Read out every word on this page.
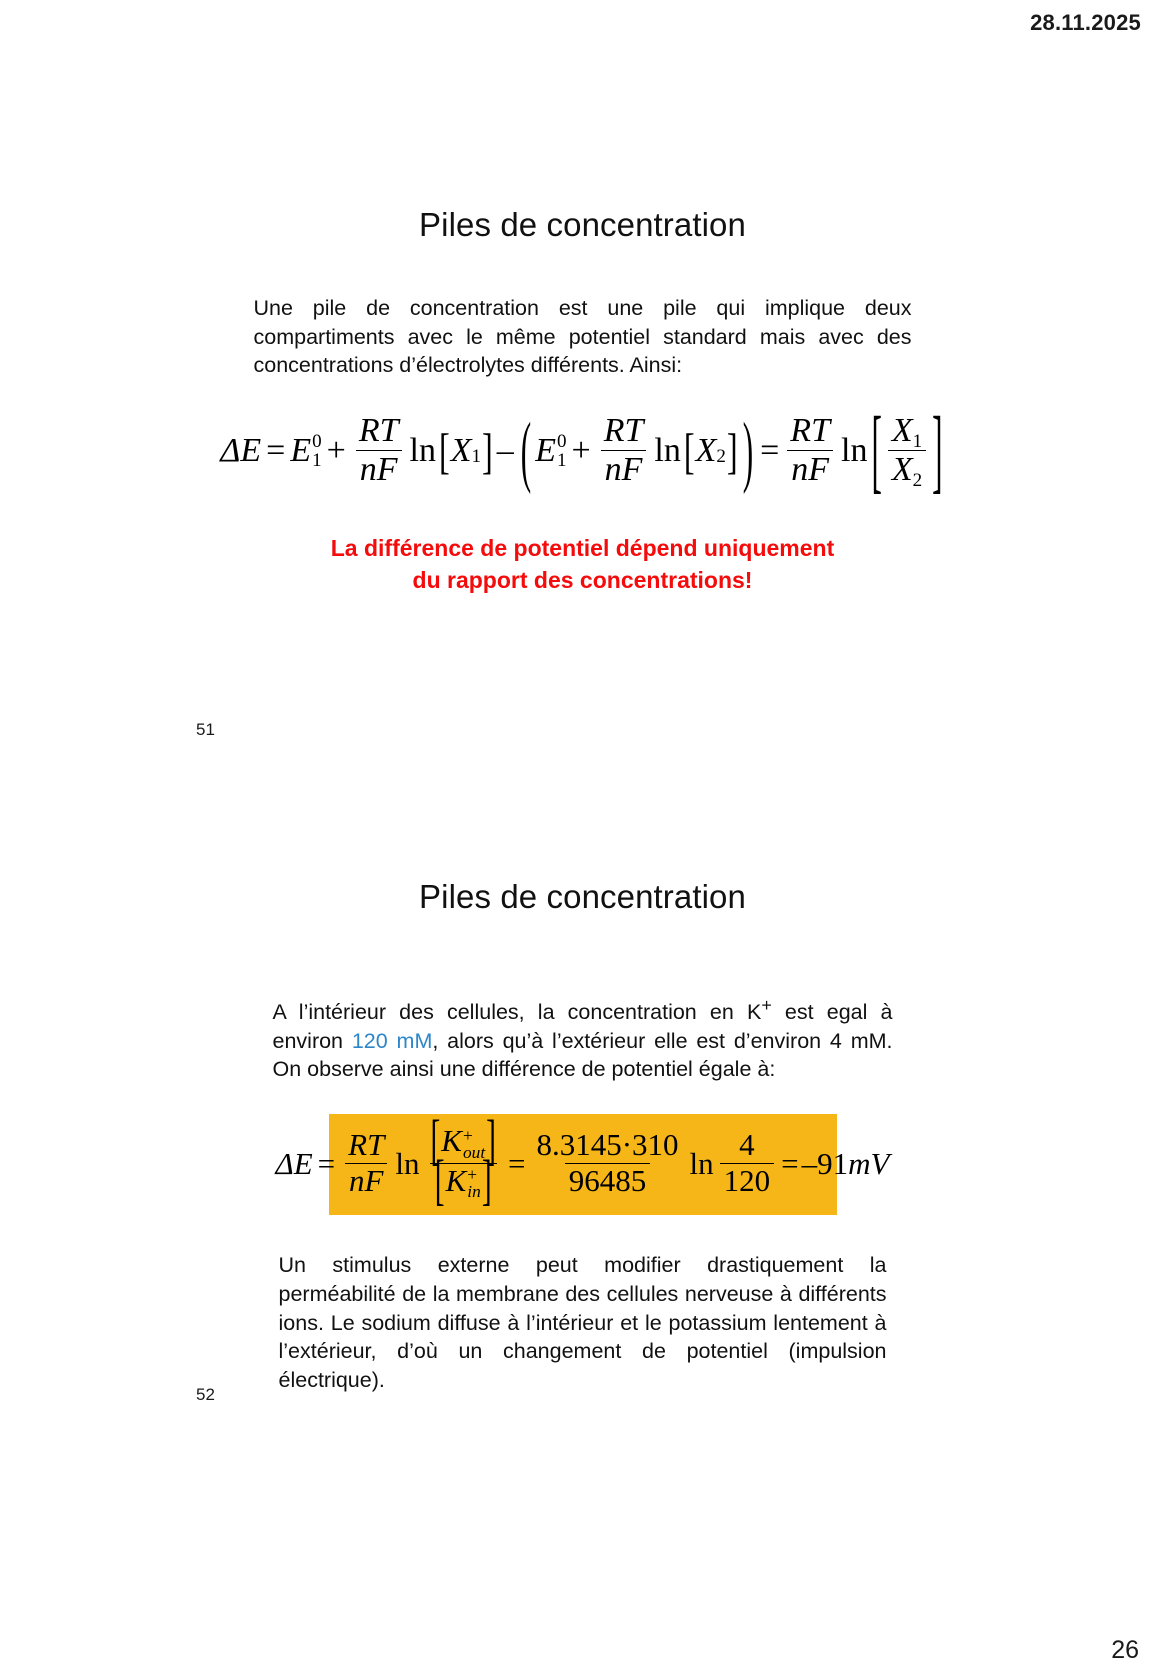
28.11.2025
Piles de concentration

Une pile de concentration est une pile qui implique deux compartiments avec le même potentiel standard mais avec des concentrations d’électrolytes différents. Ainsi:

Δ E = E 0
$1 + \frac{RT}{nF}$ ln [ X 1 ] – ( E 0
$1 + \frac{RT}{nF}$ ln [ X 2 ] ) = $\frac{RT}{nF}$ ln [ $\frac{X1}{X2}$ ]
La différence de potentiel dépend uniquement
du rapport des concentrations!
51
Piles de concentration

A l’intérieur des cellules, la concentration en K+ est egal à environ 120 mM, alors qu’à l’extérieur elle est d’environ 4 mM. On observe ainsi une différence de potentiel égale à:

Δ $E = \frac{RT}{nF}$ ln [K +
out ]
[K +
in ] = $\frac{8.3145\cdot 310}{96485}$ $\ln \frac{4}{120} = -91$ mV

Un stimulus externe peut modifier drastiquement la perméabilité de la membrane des cellules nerveuse à différents ions. Le sodium diffuse à l’intérieur et le potassium lentement à l’extérieur, d’où un changement de potentiel (impulsion électrique).

52
26
